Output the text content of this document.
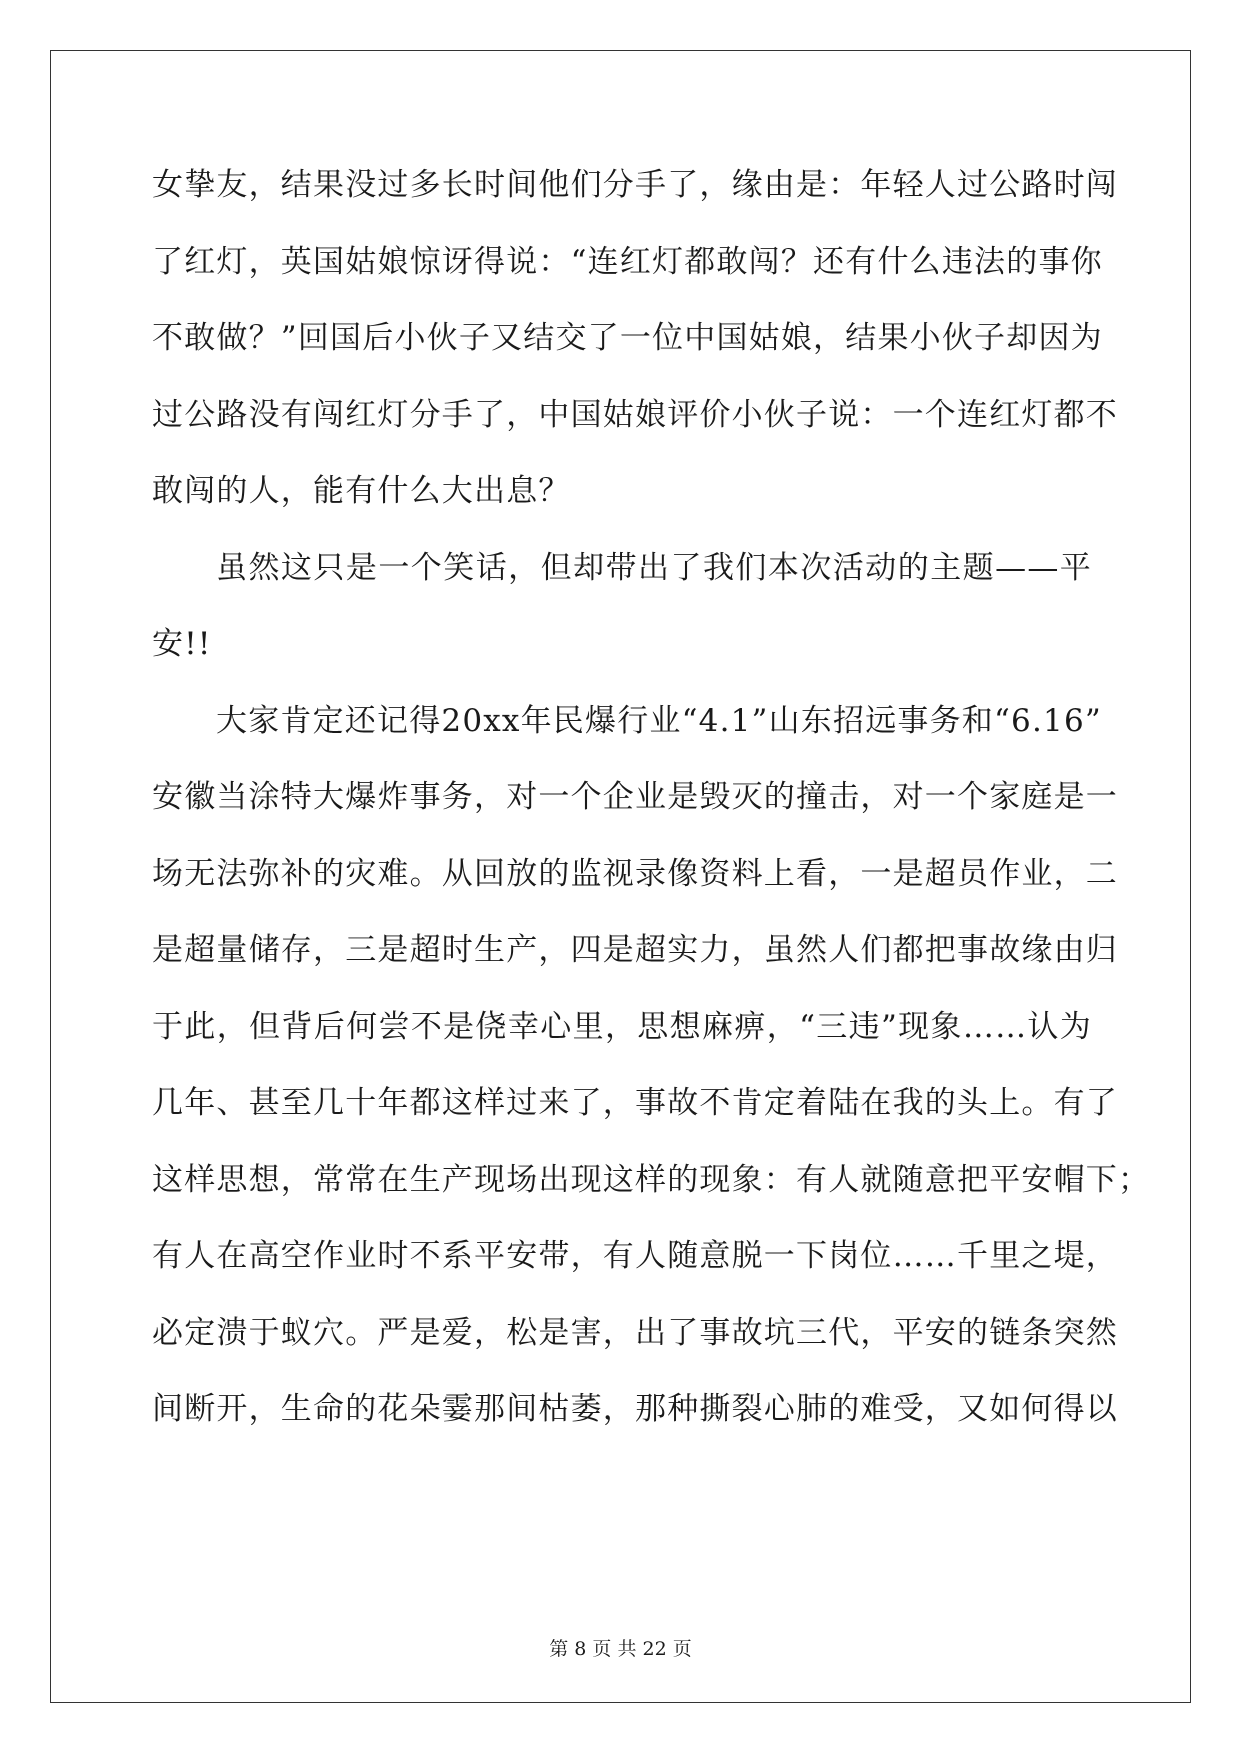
女挚友，结果没过多长时间他们分手了，缘由是：年轻人过公路时闯
了红灯，英国姑娘惊讶得说：“连红灯都敢闯？还有什么违法的事你
不敢做？”回国后小伙子又结交了一位中国姑娘，结果小伙子却因为
过公路没有闯红灯分手了，中国姑娘评价小伙子说：一个连红灯都不
敢闯的人，能有什么大出息？
虽然这只是一个笑话，但却带出了我们本次活动的主题——平
安!!
大家肯定还记得20xx年民爆行业“4.1”山东招远事务和“6.16”
安徽当涂特大爆炸事务，对一个企业是毁灭的撞击，对一个家庭是一
场无法弥补的灾难。从回放的监视录像资料上看，一是超员作业，二
是超量储存，三是超时生产，四是超实力，虽然人们都把事故缘由归
于此，但背后何尝不是侥幸心里，思想麻痹，“三违”现象……认为
几年、甚至几十年都这样过来了，事故不肯定着陆在我的头上。有了
这样思想，常常在生产现场出现这样的现象：有人就随意把平安帽下；
有人在高空作业时不系平安带，有人随意脱一下岗位……千里之堤，
必定溃于蚁穴。严是爱，松是害，出了事故坑三代，平安的链条突然
间断开，生命的花朵霎那间枯萎，那种撕裂心肺的难受，又如何得以
第 8 页 共 22 页
